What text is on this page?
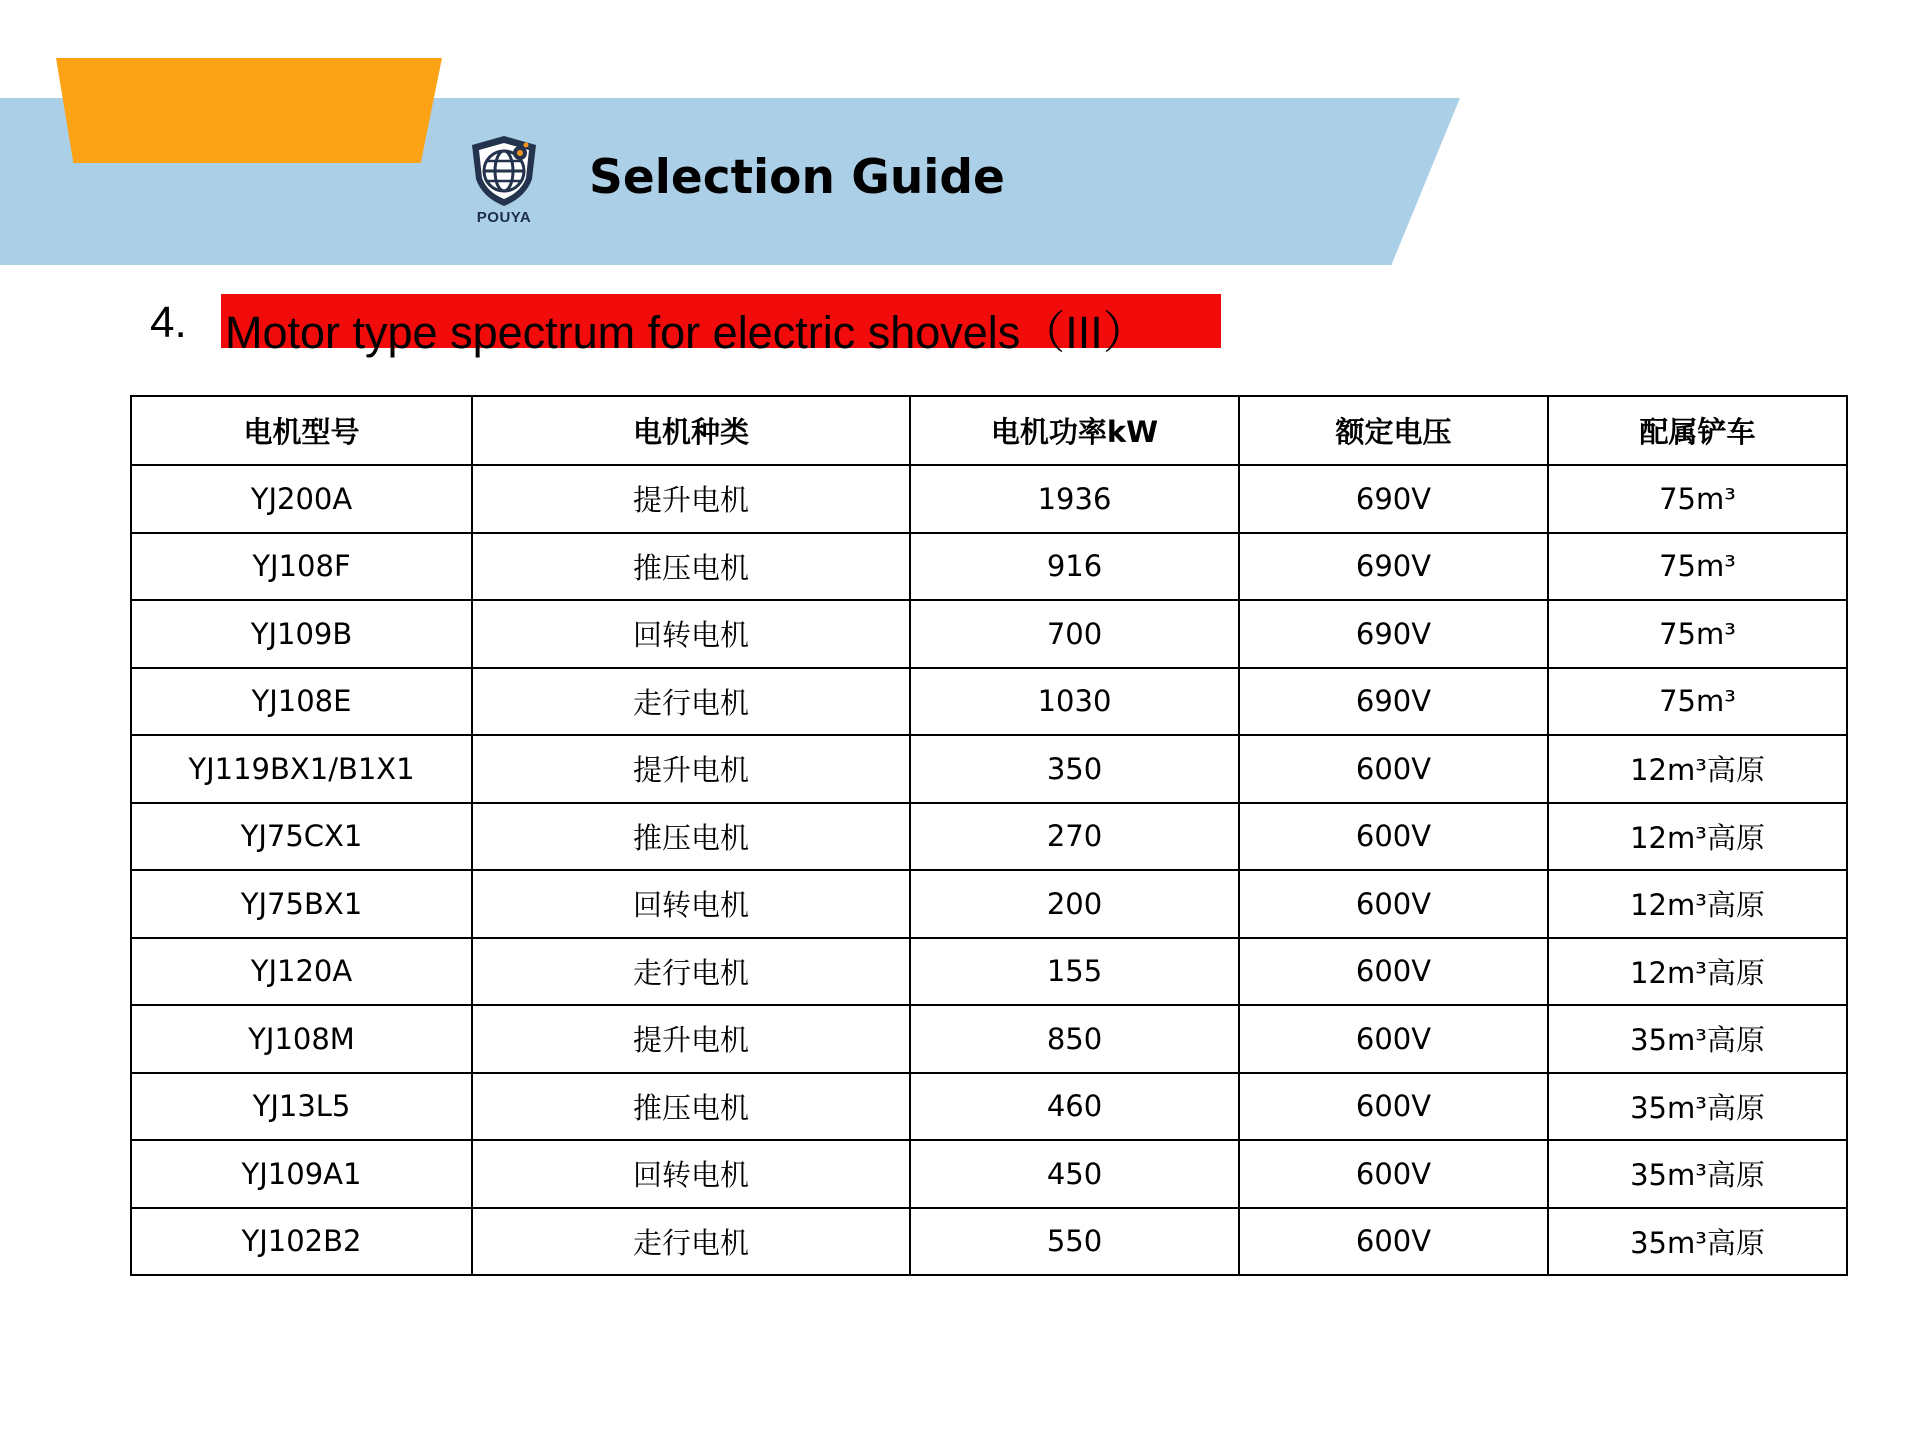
POUYA
Selection Guide
4. Motor type spectrum for electric shovels（III）
电机型号	电机种类	电机功率kW	额定电压	配属铲车
YJ200A	提升电机	1936	690V	75m³
YJ108F	推压电机	916	690V	75m³
YJ109B	回转电机	700	690V	75m³
YJ108E	走行电机	1030	690V	75m³
YJ119BX1/B1X1	提升电机	350	600V	12m³高原
YJ75CX1	推压电机	270	600V	12m³高原
YJ75BX1	回转电机	200	600V	12m³高原
YJ120A	走行电机	155	600V	12m³高原
YJ108M	提升电机	850	600V	35m³高原
YJ13L5	推压电机	460	600V	35m³高原
YJ109A1	回转电机	450	600V	35m³高原
YJ102B2	走行电机	550	600V	35m³高原
